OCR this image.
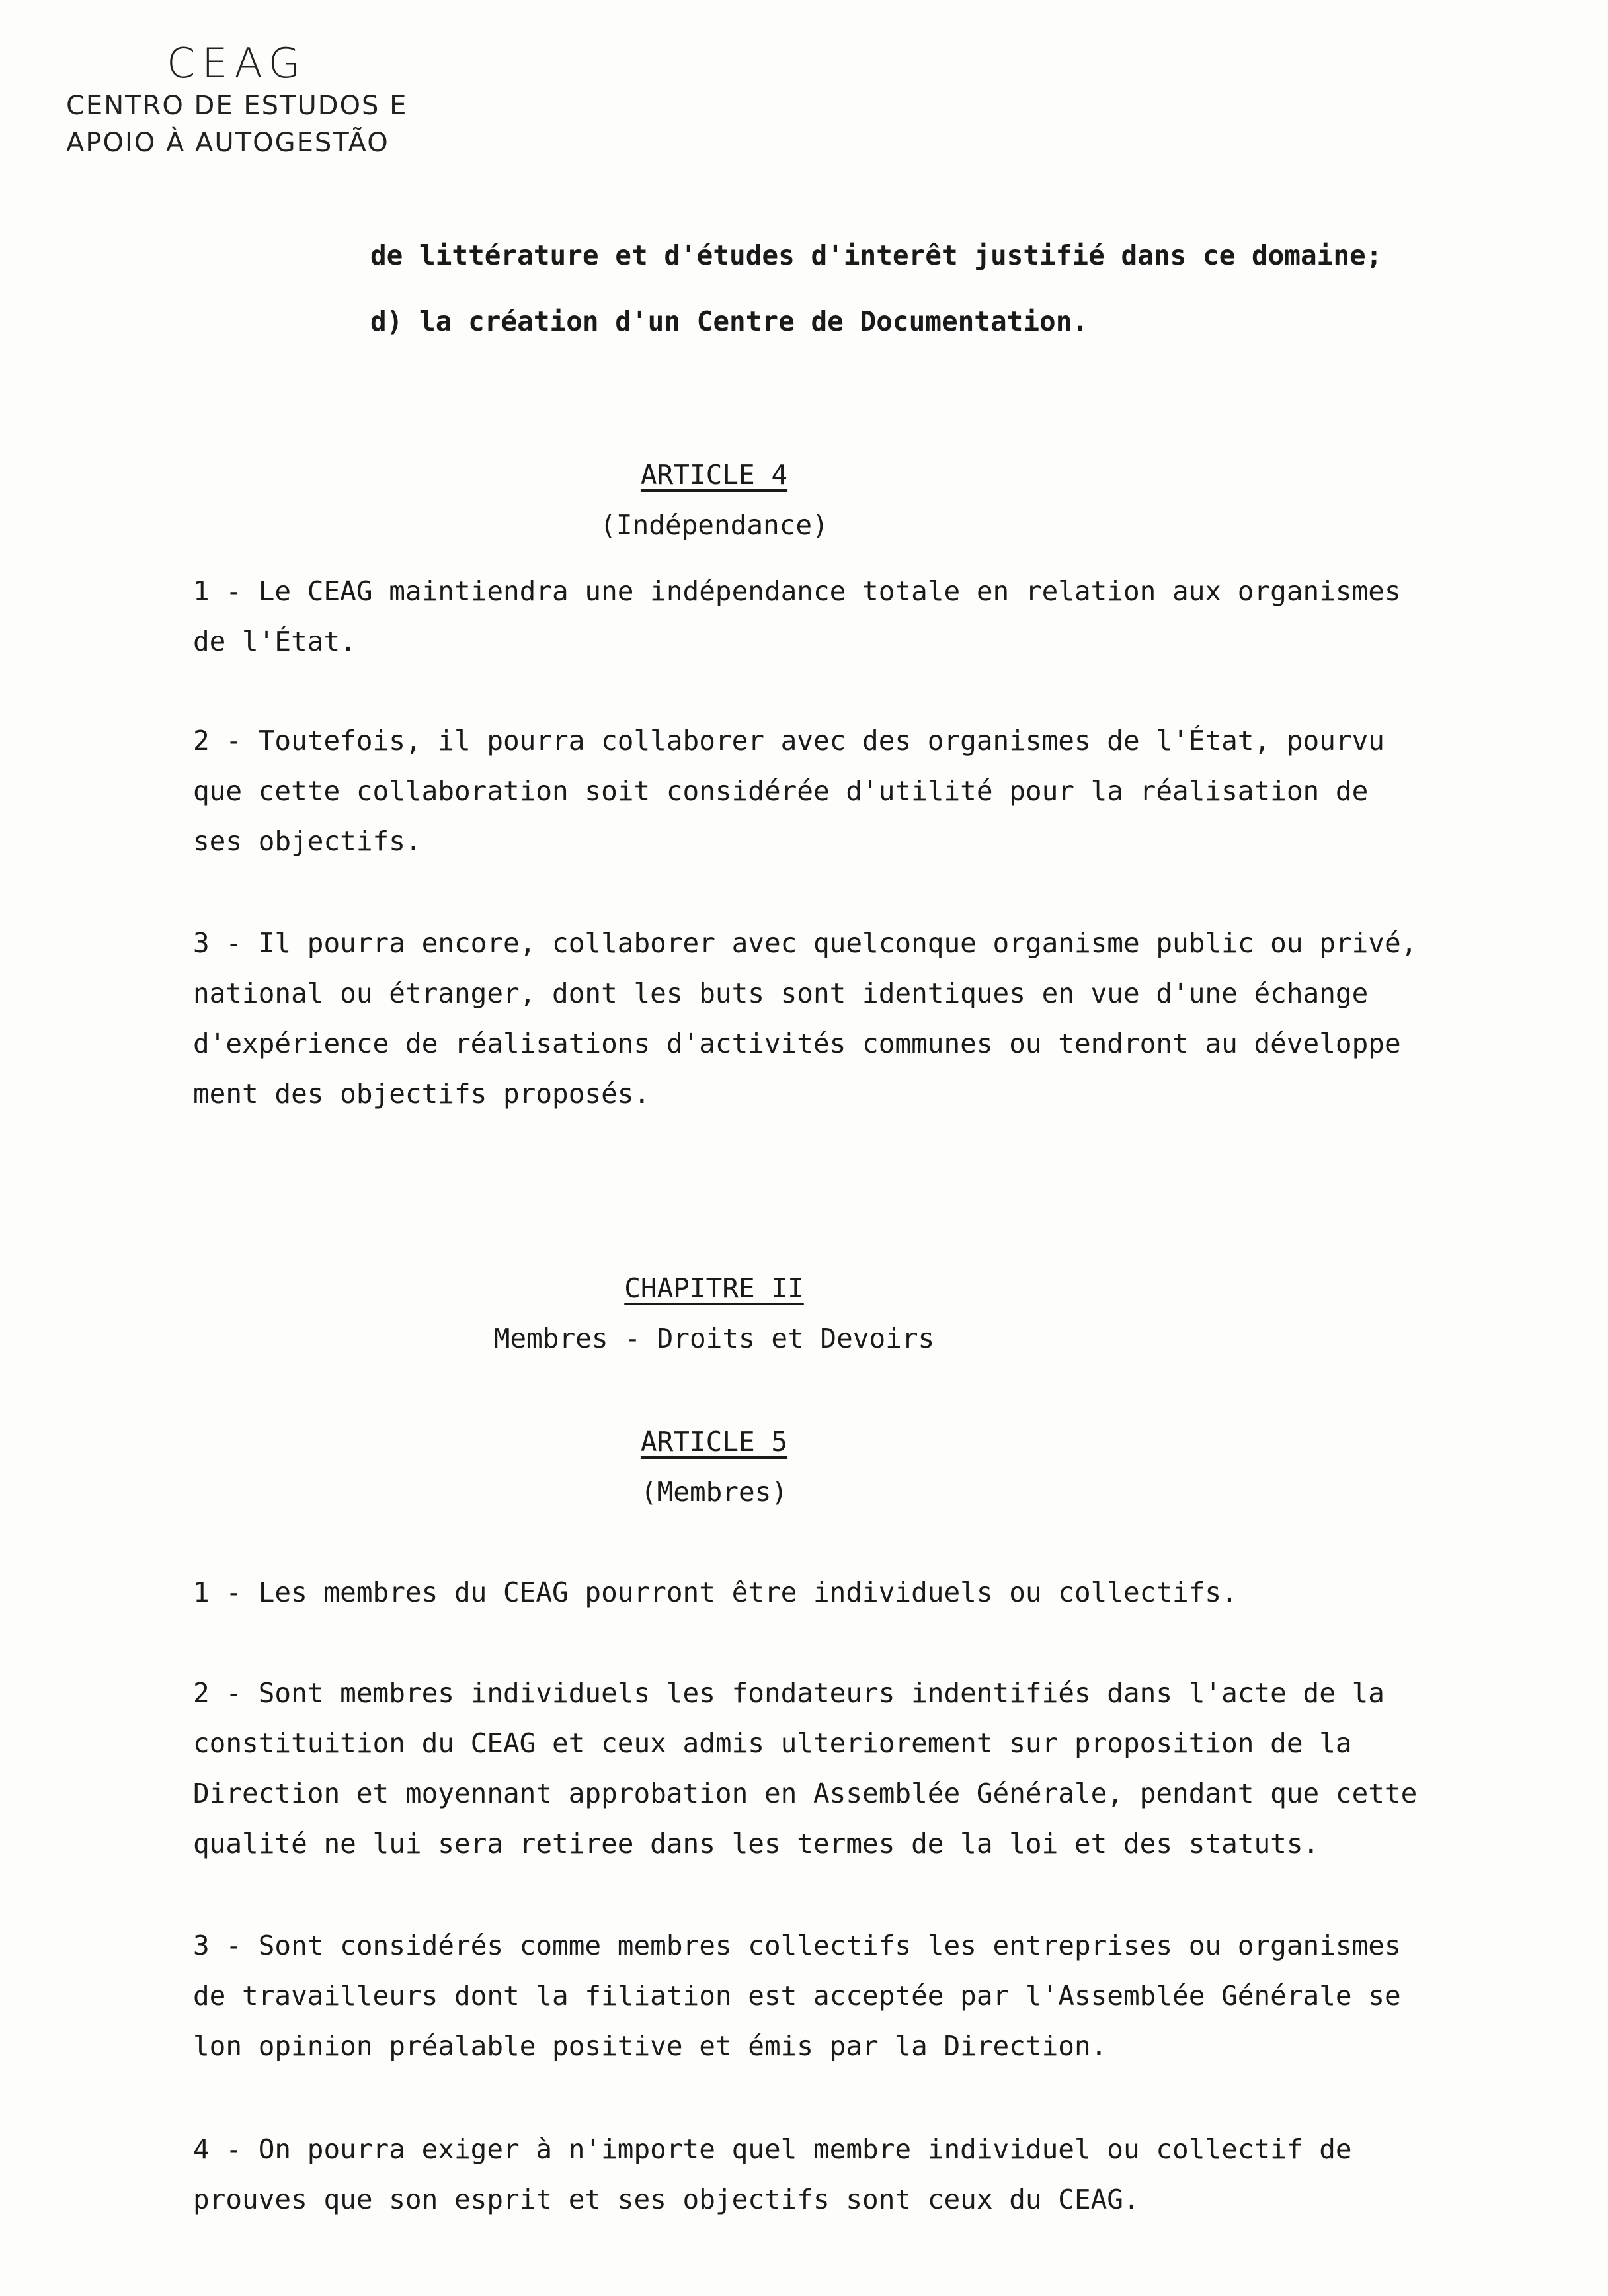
CEAG
CENTRO DE ESTUDOS E
APOIO À AUTOGESTÃO
de littérature et d'études d'interêt justifié dans ce domaine;
d) la création d'un Centre de Documentation.
ARTICLE 4
(Indépendance)
1 - Le CEAG maintiendra une indépendance totale en relation aux organismes
de l'État.
2 - Toutefois, il pourra collaborer avec des organismes de l'État, pourvu
que cette collaboration soit considérée d'utilité pour la réalisation de
ses objectifs.
3 - Il pourra encore, collaborer avec quelconque organisme public ou privé,
national ou étranger, dont les buts sont identiques en vue d'une échange
d'expérience de réalisations d'activités communes ou tendront au développe
ment des objectifs proposés.
CHAPITRE II
Membres - Droits et Devoirs
ARTICLE 5
(Membres)
1 - Les membres du CEAG pourront être individuels ou collectifs.
2 - Sont membres individuels les fondateurs indentifiés dans l'acte de la
constituition du CEAG et ceux admis ulteriorement sur proposition de la
Direction et moyennant approbation en Assemblée Générale, pendant que cette
qualité ne lui sera retiree dans les termes de la loi et des statuts.
3 - Sont considérés comme membres collectifs les entreprises ou organismes
de travailleurs dont la filiation est acceptée par l'Assemblée Générale se
lon opinion préalable positive et émis par la Direction.
4 - On pourra exiger à n'importe quel membre individuel ou collectif de
prouves que son esprit et ses objectifs sont ceux du CEAG.
